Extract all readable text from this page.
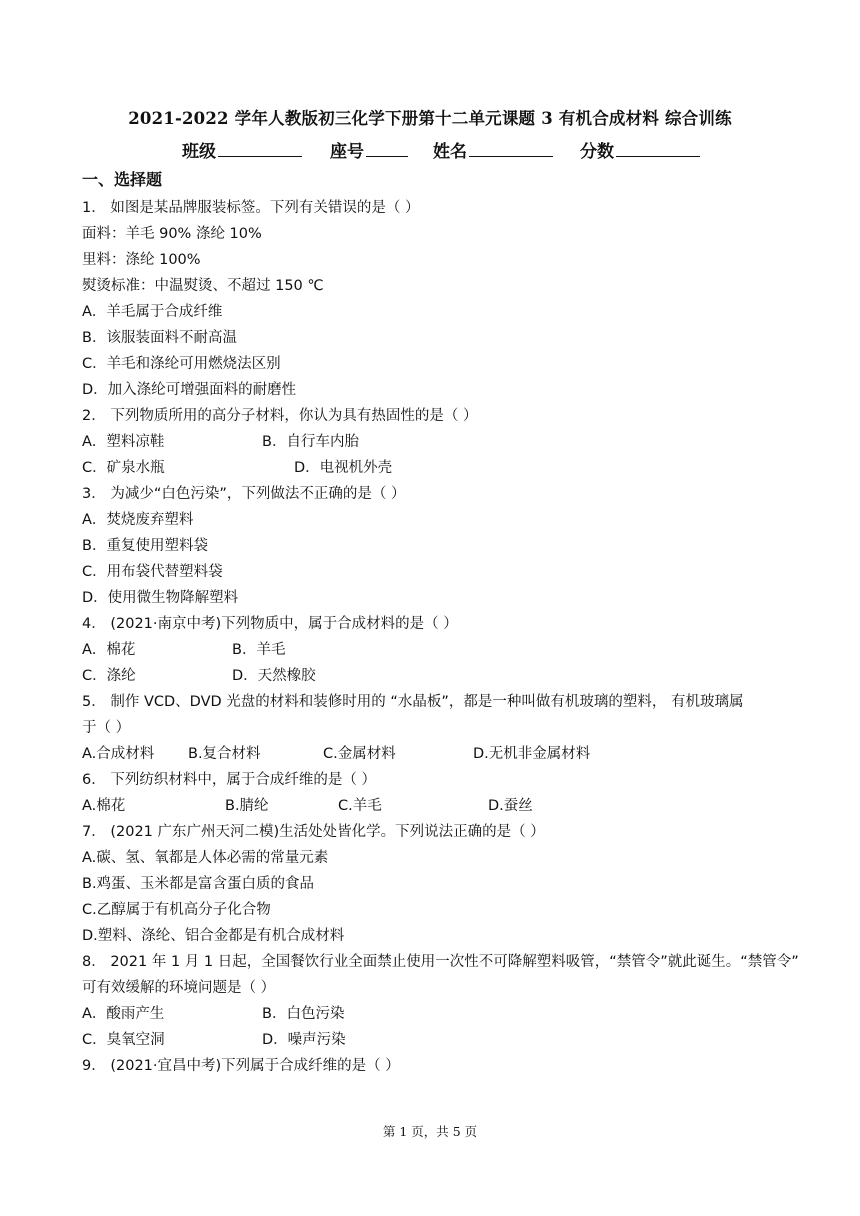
2021-2022 学年人教版初三化学下册第十二单元课题 3 有机合成材料 综合训练
班级	座号	姓名	分数
一、选择题
1． 如图是某品牌服装标签。下列有关错误的是（ ）
面料：羊毛 90% 涤纶 10%
里料：涤纶 100%
熨烫标准：中温熨烫、不超过 150 ℃
A．羊毛属于合成纤维
B．该服装面料不耐高温
C．羊毛和涤纶可用燃烧法区别
D．加入涤纶可增强面料的耐磨性
2． 下列物质所用的高分子材料，你认为具有热固性的是（ ）
A．塑料凉鞋	B．自行车内胎
C．矿泉水瓶	D．电视机外壳
3． 为减少“白色污染”，下列做法不正确的是（ ）
A．焚烧废弃塑料
B．重复使用塑料袋
C．用布袋代替塑料袋
D．使用微生物降解塑料
4． (2021·南京中考)下列物质中，属于合成材料的是（ ）
A．棉花	B．羊毛
C．涤纶	D．天然橡胶
5． 制作 VCD、DVD 光盘的材料和装修时用的 “水晶板”，都是一种叫做有机玻璃的塑料， 有机玻璃属
于（ ）
A.合成材料 B.复合材料	C.金属材料	D.无机非金属材料
6． 下列纺织材料中，属于合成纤维的是（ ）
A.棉花	B.腈纶	C.羊毛	D.蚕丝
7． (2021 广东广州天河二模)生活处处皆化学。下列说法正确的是（ ）
A.碳、氢、氧都是人体必需的常量元素
B.鸡蛋、玉米都是富含蛋白质的食品
C.乙醇属于有机高分子化合物
D.塑料、涤纶、铝合金都是有机合成材料
8． 2021 年 1 月 1 日起，全国餐饮行业全面禁止使用一次性不可降解塑料吸管，“禁管令”就此诞生。“禁管令”
可有效缓解的环境问题是（ ）
A．酸雨产生	B．白色污染
C．臭氧空洞	D．噪声污染
9． (2021·宜昌中考)下列属于合成纤维的是（ ）
第 1 页，共 5 页
